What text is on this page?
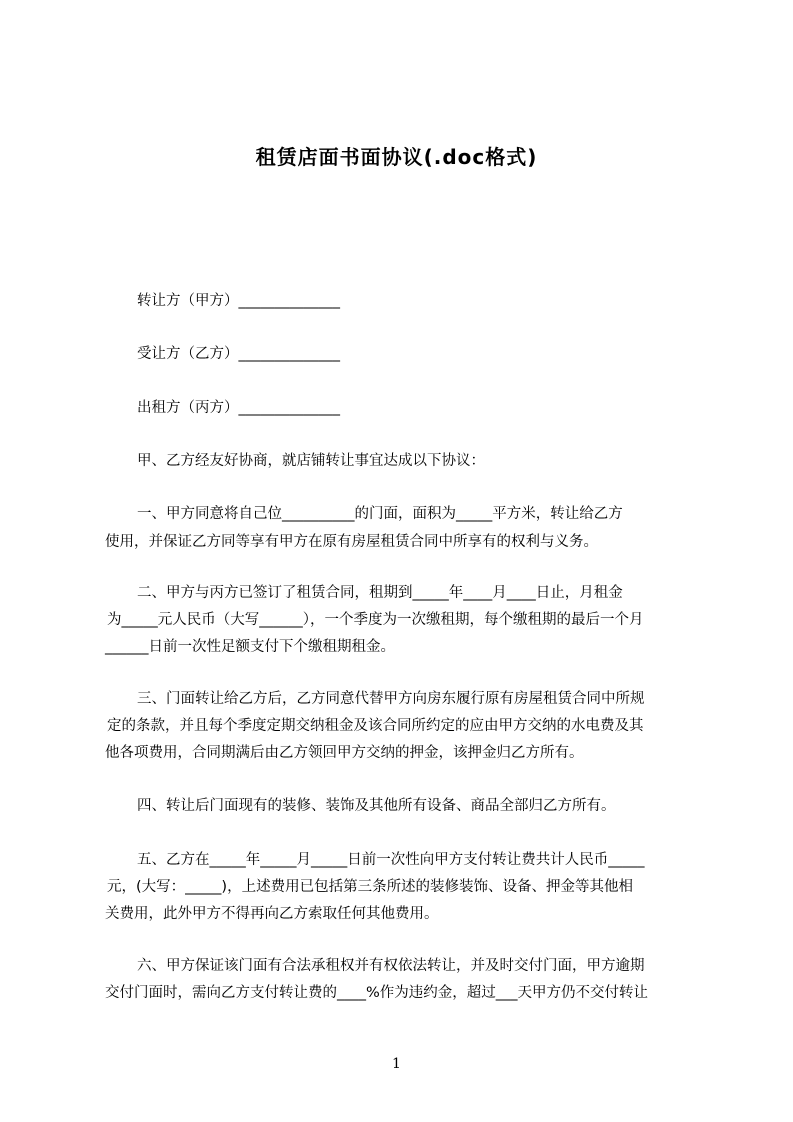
租赁店面书面协议(.doc格式)
转让方（甲方）______________
受让方（乙方）______________
出租方（丙方）______________
甲、乙方经友好协商，就店铺转让事宜达成以下协议：
一、甲方同意将自己位__________的门面，面积为_____平方米，转让给乙方
使用，并保证乙方同等享有甲方在原有房屋租赁合同中所享有的权利与义务。
二、甲方与丙方已签订了租赁合同，租期到_____年____月____日止，月租金
为_____元人民币（大写______），一个季度为一次缴租期，每个缴租期的最后一个月
______日前一次性足额支付下个缴租期租金。
三、门面转让给乙方后，乙方同意代替甲方向房东履行原有房屋租赁合同中所规
定的条款，并且每个季度定期交纳租金及该合同所约定的应由甲方交纳的水电费及其
他各项费用，合同期满后由乙方领回甲方交纳的押金，该押金归乙方所有。
四、转让后门面现有的装修、装饰及其他所有设备、商品全部归乙方所有。
五、乙方在_____年_____月_____日前一次性向甲方支付转让费共计人民币_____
元，(大写：_____)，上述费用已包括第三条所述的装修装饰、设备、押金等其他相
关费用，此外甲方不得再向乙方索取任何其他费用。
六、甲方保证该门面有合法承租权并有权依法转让，并及时交付门面，甲方逾期
交付门面时，需向乙方支付转让费的____%作为违约金，超过___天甲方仍不交付转让
1
